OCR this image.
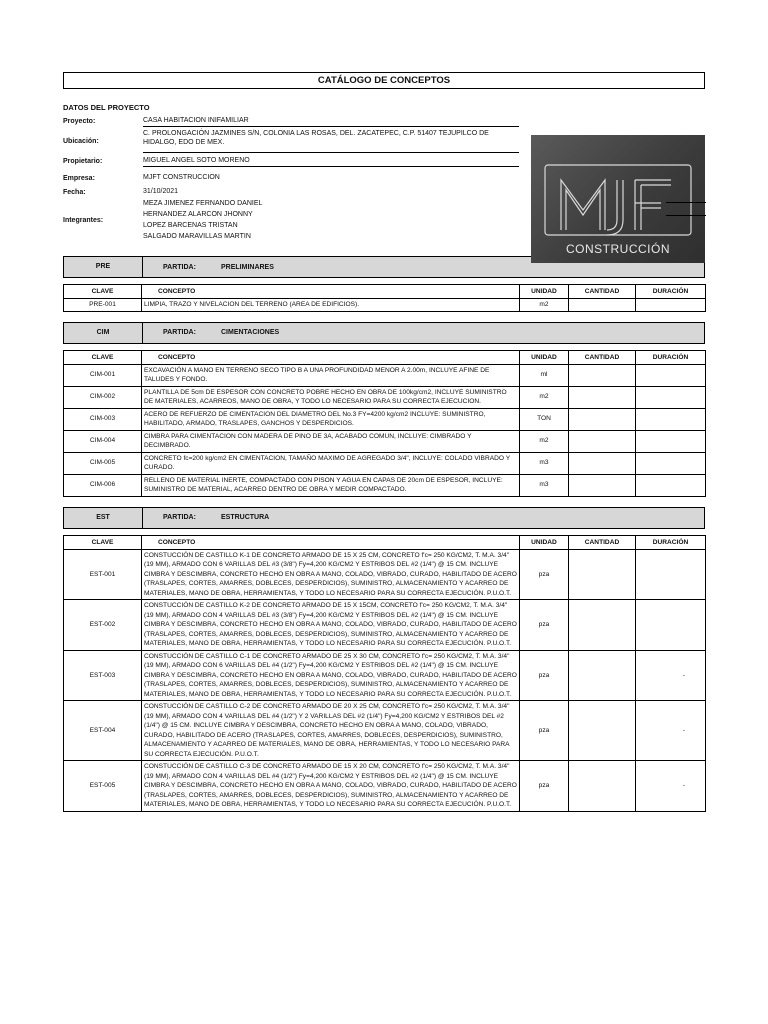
CATÁLOGO DE CONCEPTOS
DATOS DEL PROYECTO
Proyecto:	CASA HABITACION INIFAMILIAR
Ubicación:
C. PROLONGACIÓN JAZMINES S/N, COLONIA LAS ROSAS, DEL. ZACATEPEC, C.P. 51407 TEJUPILCO DE
HIDALGO, EDO DE MEX.
Propietario:	MIGUEL ANGEL SOTO MORENO
Empresa:	MJFT CONSTRUCCION
Fecha:	31/10/2021
Integrantes:
MEZA JIMENEZ FERNANDO DANIEL
HERNANDEZ ALARCON JHONNY
LOPEZ BARCENAS TRISTAN
SALGADO MARAVILLAS MARTIN
CONSTRUCCIÓN
PRE	PARTIDA:	PRELIMINARES
CLAVE	CONCEPTO	UNIDAD	CANTIDAD	DURACIÓN
PRE-001	LIMPIA, TRAZO Y NIVELACION DEL TERRENO (AREA DE EDIFICIOS).	m2		
CIM	PARTIDA:	CIMENTACIONES
CLAVE	CONCEPTO	UNIDAD	CANTIDAD	DURACIÓN
CIM-001	EXCAVACIÓN A MANO EN TERRENO SECO TIPO B A UNA PROFUNDIDAD MENOR A 2.00m, INCLUYE AFINE DE TALUDES Y FONDO.	ml		
CIM-002	PLANTILLA DE 5cm DE ESPESOR CON CONCRETO POBRE HECHO EN OBRA DE 100kg/cm2, INCLUYE SUMINISTRO DE MATERIALES, ACARREOS, MANO DE OBRA, Y TODO LO NECESARIO PARA SU CORRECTA EJECUCION.	m2		
CIM-003	ACERO DE REFUERZO DE CIMENTACION DEL DIAMETRO DEL No.3 FY=4200 kg/cm2 INCLUYE: SUMINISTRO, HABILITADO, ARMADO, TRASLAPES, GANCHOS Y DESPERDICIOS.	TON		
CIM-004	CIMBRA PARA CIMENTACION CON MADERA DE PINO DE 3A, ACABADO COMUN, INCLUYE: CIMBRADO Y DECIMBRADO.	m2		
CIM-005	CONCRETO fc=200 kg/cm2 EN CIMENTACION, TAMAÑO MAXIMO DE AGREGADO 3/4", INCLUYE: COLADO VIBRADO Y CURADO.	m3		
CIM-006	RELLENO DE MATERIAL INERTE, COMPACTADO CON PISON Y AGUA EN CAPAS DE 20cm DE ESPESOR, INCLUYE: SUMINISTRO DE MATERIAL, ACARREO DENTRO DE OBRA Y MEDIR COMPACTADO.	m3		
EST	PARTIDA:	ESTRUCTURA
CLAVE	CONCEPTO	UNIDAD	CANTIDAD	DURACIÓN
EST-001	CONSTUCCIÓN DE CASTILLO K-1 DE CONCRETO ARMADO DE 15 X 25 CM, CONCRETO f'c= 250 KG/CM2, T. M.A. 3/4" (19 MM), ARMADO CON 6 VARILLAS DEL #3 (3/8") Fy=4,200 KG/CM2 Y ESTRIBOS DEL #2 (1/4") @ 15 CM. INCLUYE CIMBRA Y DESCIMBRA, CONCRETO HECHO EN OBRA A MANO, COLADO, VIBRADO, CURADO, HABILITADO DE ACERO (TRASLAPES, CORTES, AMARRES, DOBLECES, DESPERDICIOS), SUMINISTRO, ALMACENAMIENTO Y ACARREO DE MATERIALES, MANO DE OBRA, HERRAMIENTAS, Y TODO LO NECESARIO PARA SU CORRECTA EJECUCIÓN. P.U.O.T.	pza		
EST-002	CONSTUCCIÓN DE CASTILLO K-2 DE CONCRETO ARMADO DE 15 X 15CM, CONCRETO f'c= 250 KG/CM2, T. M.A. 3/4" (19 MM), ARMADO CON 4 VARILLAS DEL #3 (3/8") Fy=4,200 KG/CM2 Y ESTRIBOS DEL #2 (1/4") @ 15 CM. INCLUYE CIMBRA Y DESCIMBRA, CONCRETO HECHO EN OBRA A MANO, COLADO, VIBRADO, CURADO, HABILITADO DE ACERO (TRASLAPES, CORTES, AMARRES, DOBLECES, DESPERDICIOS), SUMINISTRO, ALMACENAMIENTO Y ACARREO DE MATERIALES, MANO DE OBRA, HERRAMIENTAS, Y TODO LO NECESARIO PARA SU CORRECTA EJECUCIÓN. P.U.O.T.	pza		
EST-003	CONSTUCCIÓN DE CASTILLO C-1 DE CONCRETO ARMADO DE 25 X 30 CM, CONCRETO f'c= 250 KG/CM2, T. M.A. 3/4" (19 MM), ARMADO CON 6 VARILLAS DEL #4 (1/2") Fy=4,200 KG/CM2 Y ESTRIBOS DEL #2 (1/4") @ 15 CM. INCLUYE CIMBRA Y DESCIMBRA, CONCRETO HECHO EN OBRA A MANO, COLADO, VIBRADO, CURADO, HABILITADO DE ACERO (TRASLAPES, CORTES, AMARRES, DOBLECES, DESPERDICIOS), SUMINISTRO, ALMACENAMIENTO Y ACARREO DE MATERIALES, MANO DE OBRA, HERRAMIENTAS, Y TODO LO NECESARIO PARA SU CORRECTA EJECUCIÓN. P.U.O.T.	pza		-
EST-004	CONSTUCCIÓN DE CASTILLO C-2 DE CONCRETO ARMADO DE 20 X 25 CM, CONCRETO f'c= 250 KG/CM2, T. M.A. 3/4" (19 MM), ARMADO CON 4 VARILLAS DEL #4 (1/2") Y 2 VARILLAS DEL #2 (1/4") Fy=4,200 KG/CM2 Y ESTRIBOS DEL #2 (1/4") @ 15 CM. INCLUYE CIMBRA Y DESCIMBRA, CONCRETO HECHO EN OBRA A MANO, COLADO, VIBRADO, CURADO, HABILITADO DE ACERO (TRASLAPES, CORTES, AMARRES, DOBLECES, DESPERDICIOS), SUMINISTRO, ALMACENAMIENTO Y ACARREO DE MATERIALES, MANO DE OBRA, HERRAMIENTAS, Y TODO LO NECESARIO PARA SU CORRECTA EJECUCIÓN. P.U.O.T.	pza		-
EST-005	CONSTUCCIÓN DE CASTILLO C-3 DE CONCRETO ARMADO DE 15 X 20 CM, CONCRETO f'c= 250 KG/CM2, T. M.A. 3/4" (19 MM), ARMADO CON 4 VARILLAS DEL #4 (1/2") Fy=4,200 KG/CM2 Y ESTRIBOS DEL #2 (1/4") @ 15 CM. INCLUYE CIMBRA Y DESCIMBRA, CONCRETO HECHO EN OBRA A MANO, COLADO, VIBRADO, CURADO, HABILITADO DE ACERO (TRASLAPES, CORTES, AMARRES, DOBLECES, DESPERDICIOS), SUMINISTRO, ALMACENAMIENTO Y ACARREO DE MATERIALES, MANO DE OBRA, HERRAMIENTAS, Y TODO LO NECESARIO PARA SU CORRECTA EJECUCIÓN. P.U.O.T.	pza		-
